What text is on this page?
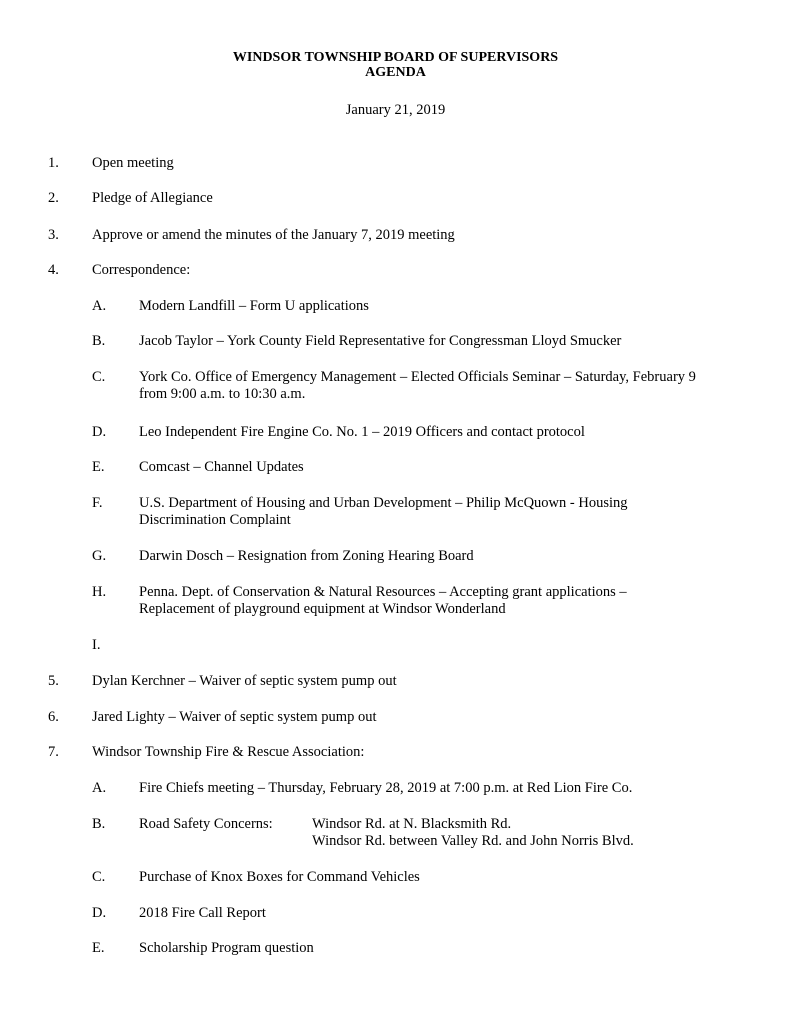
WINDSOR TOWNSHIP BOARD OF SUPERVISORS
AGENDA
January 21, 2019
1. Open meeting
2. Pledge of Allegiance
3. Approve or amend the minutes of the January 7, 2019 meeting
4. Correspondence:
A. Modern Landfill – Form U applications
B. Jacob Taylor – York County Field Representative for Congressman Lloyd Smucker
C. York Co. Office of Emergency Management – Elected Officials Seminar – Saturday, February 9
from 9:00 a.m. to 10:30 a.m.
D. Leo Independent Fire Engine Co. No. 1 – 2019 Officers and contact protocol
E. Comcast – Channel Updates
F.	U.S. Department of Housing and Urban Development – Philip McQuown - Housing
Discrimination Complaint
G. Darwin Dosch – Resignation from Zoning Hearing Board
H. Penna. Dept. of Conservation & Natural Resources – Accepting grant applications –
Replacement of playground equipment at Windsor Wonderland
I.
5. Dylan Kerchner – Waiver of septic system pump out
6. Jared Lighty – Waiver of septic system pump out
7. Windsor Township Fire & Rescue Association:
A. Fire Chiefs meeting – Thursday, February 28, 2019 at 7:00 p.m. at Red Lion Fire Co.
B. Road Safety Concerns:	Windsor Rd. at N. Blacksmith Rd.
Windsor Rd. between Valley Rd. and John Norris Blvd.
C. Purchase of Knox Boxes for Command Vehicles
D. 2018 Fire Call Report
E. Scholarship Program question
